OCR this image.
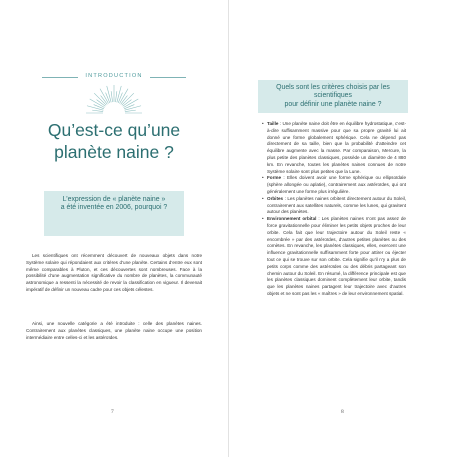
INTRODUCTION
Qu’est-ce qu’une
planète naine ?
L’expression de « planète naine »
a été inventée en 2006, pourquoi ?

Les scientifiques ont récemment découvert de nouveaux objets dans notre Système solaire qui répondaient aux critères d’une planète. Certains d’entre eux sont même comparables à Pluton, et ces découvertes sont nombreuses. Face à la possibilité d’une augmentation significative du nombre de planètes, la communauté astronomique a ressenti la nécessité de revoir la classification en vigueur. Il devenait impératif de définir un nouveau cadre pour ces objets célestes.

Ainsi, une nouvelle catégorie a été introduite : celle des planètes naines. Contrairement aux planètes classiques, une planète naine occupe une position intermédiaire entre celles-ci et les astéroïdes.

7
Quels sont les critères choisis par les scientifiques
pour définir une planète naine ?

• Taille : Une planète naine doit être en équilibre hydrostatique, c’est-à-dire suffisamment massive pour que sa propre gravité lui ait donné une forme globalement sphérique. Cela ne dépend pas directement de sa taille, bien que la probabilité d’atteindre cet équilibre augmente avec la masse. Par comparaison, Mercure, la plus petite des planètes classiques, possède un diamètre de 4 880 km. En revanche, toutes les planètes naines connues de notre Système solaire sont plus petites que la Lune.

• Forme : Elles doivent avoir une forme sphérique ou ellipsoïdale (sphère allongée ou aplatie), contrairement aux astéroïdes, qui ont généralement une forme plus irrégulière.

• Orbites : Les planètes naines orbitent directement autour du Soleil, contrairement aux satellites naturels, comme les lunes, qui gravitent autour des planètes.

• Environnement orbital : Les planètes naines n’ont pas assez de force gravitationnelle pour éliminer les petits objets proches de leur orbite. Cela fait que leur trajectoire autour du Soleil reste « encombrée » par des astéroïdes, d’autres petites planètes ou des comètes. En revanche, les planètes classiques, elles, exercent une influence gravitationnelle suffisamment forte pour attirer ou éjecter tout ce qui se trouve sur son orbite. Cela signifie qu’il n’y a plus de petits corps comme des astéroïdes ou des débris partageant son chemin autour du Soleil. En résumé, la différence principale est que les planètes classiques dominent complètement leur orbite, tandis que les planètes naines partagent leur trajectoire avec d’autres objets et ne sont pas les « maîtres » de leur environnement spatial.

8
